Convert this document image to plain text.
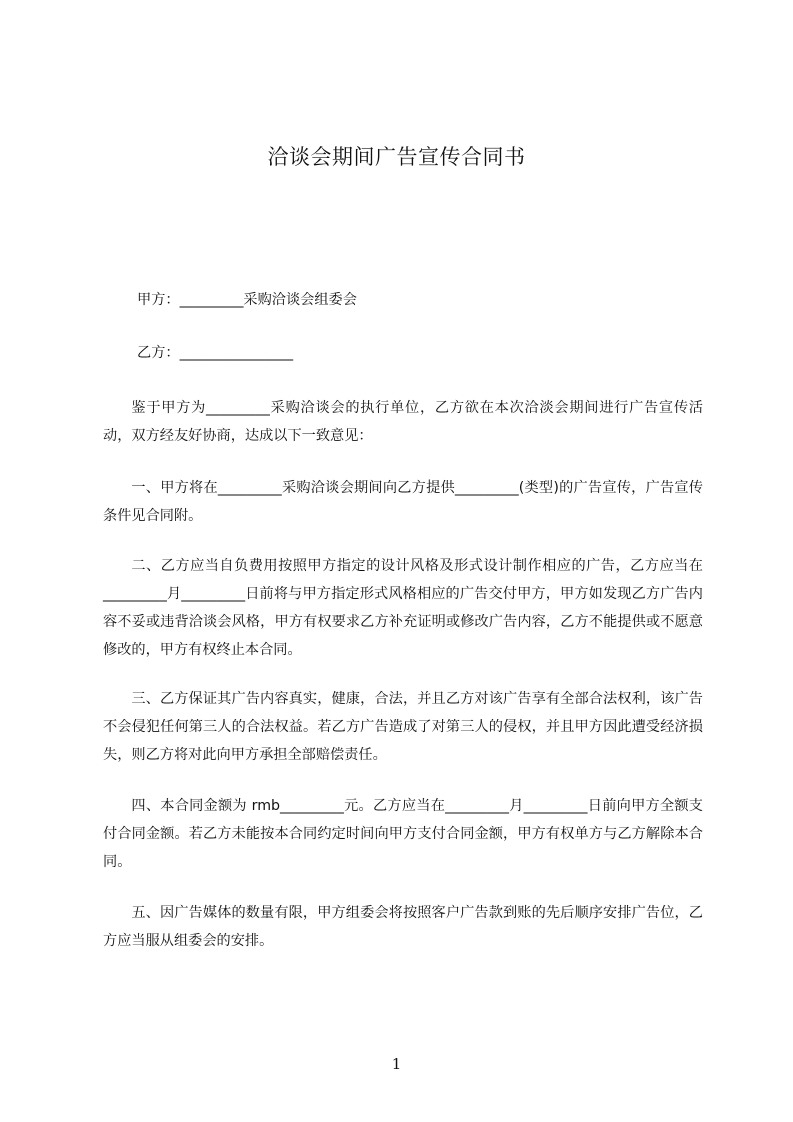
洽谈会期间广告宣传合同书
甲方：_________采购洽谈会组委会
乙方：________________

鉴于甲方为_________采购洽谈会的执行单位，乙方欲在本次洽淡会期间进行广告宣传活动，双方经友好协商，达成以下一致意见：

一、甲方将在_________采购洽谈会期间向乙方提供_________(类型)的广告宣传，广告宣传条件见合同附。

二、乙方应当自负费用按照甲方指定的设计风格及形式设计制作相应的广告，乙方应当在_________月_________日前将与甲方指定形式风格相应的广告交付甲方，甲方如发现乙方广告内容不妥或违背洽谈会风格，甲方有权要求乙方补充证明或修改广告内容，乙方不能提供或不愿意修改的，甲方有权终止本合同。

三、乙方保证其广告内容真实，健康，合法，并且乙方对该广告享有全部合法权利，该广告不会侵犯任何第三人的合法权益。若乙方广告造成了对第三人的侵权，并且甲方因此遭受经济损失，则乙方将对此向甲方承担全部赔偿责任。

四、本合同金额为 rmb_________元。乙方应当在_________月_________日前向甲方全额支付合同金额。若乙方未能按本合同约定时间向甲方支付合同金额，甲方有权单方与乙方解除本合同。

五、因广告媒体的数量有限，甲方组委会将按照客户广告款到账的先后顺序安排广告位，乙方应当服从组委会的安排。

1
